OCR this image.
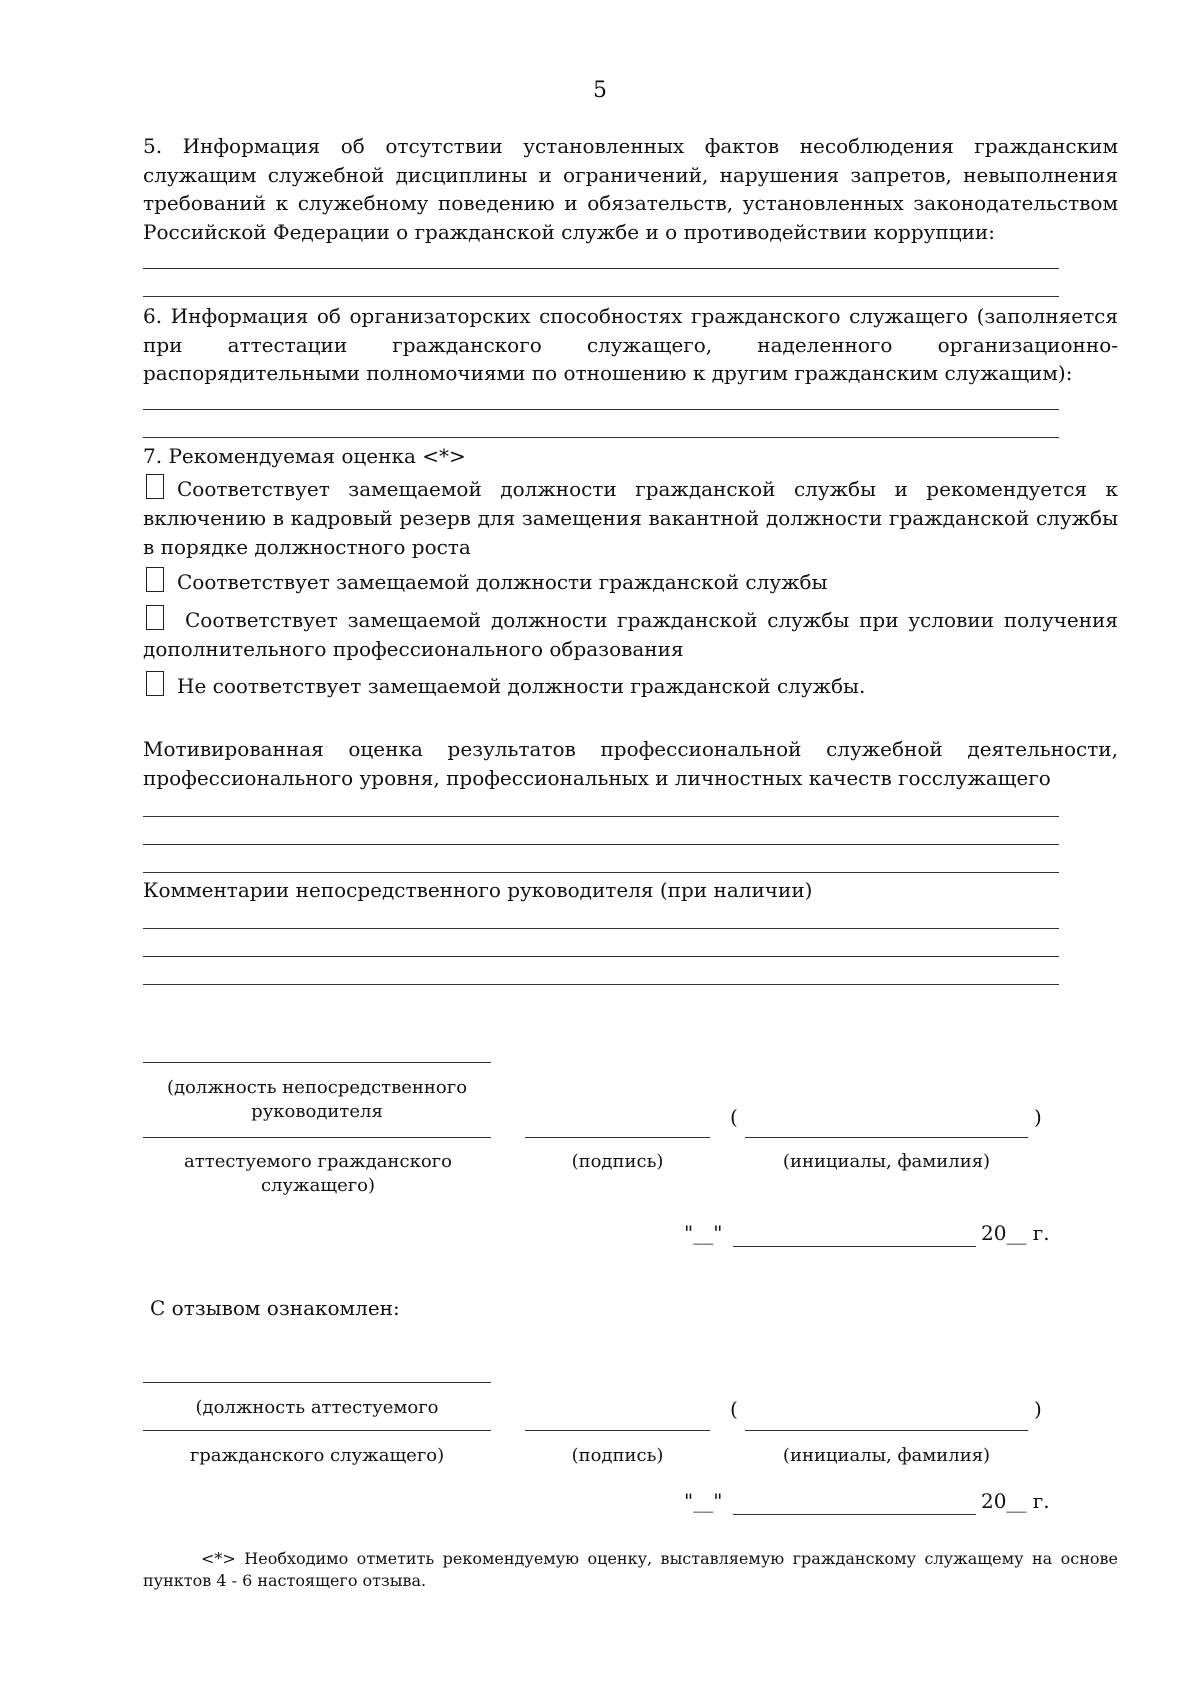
5

5. Информация об отсутствии установленных фактов несоблюдения гражданским служащим служебной дисциплины и ограничений, нарушения запретов, невыполнения требований к служебному поведению и обязательств, установленных законодательством Российской Федерации о гражданской службе и о противодействии коррупции:

6. Информация об организаторских способностях гражданского служащего (заполняется при аттестации гражданского служащего, наделенного организационно-распорядительными полномочиями по отношению к другим гражданским служащим):

7. Рекомендуемая оценка <*>

Соответствует замещаемой должности гражданской службы и рекомендуется к включению в кадровый резерв для замещения вакантной должности гражданской службы в порядке должностного роста

Соответствует замещаемой должности гражданской службы

Соответствует замещаемой должности гражданской службы при условии получения дополнительного профессионального образования

Не соответствует замещаемой должности гражданской службы.

Мотивированная оценка результатов профессиональной служебной деятельности, профессионального уровня, профессиональных и личностных качеств госслужащего

Комментарии непосредственного руководителя (при наличии)
(должность непосредственного руководителя	(	)
аттестуемого гражданского служащего)
(подпись)	(инициалы, фамилия)
"__"	20__ г.
С отзывом ознакомлен:
(должность аттестуемого	(	)
гражданского служащего)	(подпись)	(инициалы, фамилия)
"__"	20__ г.

<*> Необходимо отметить рекомендуемую оценку, выставляемую гражданскому служащему на основе пунктов 4 - 6 настоящего отзыва.
